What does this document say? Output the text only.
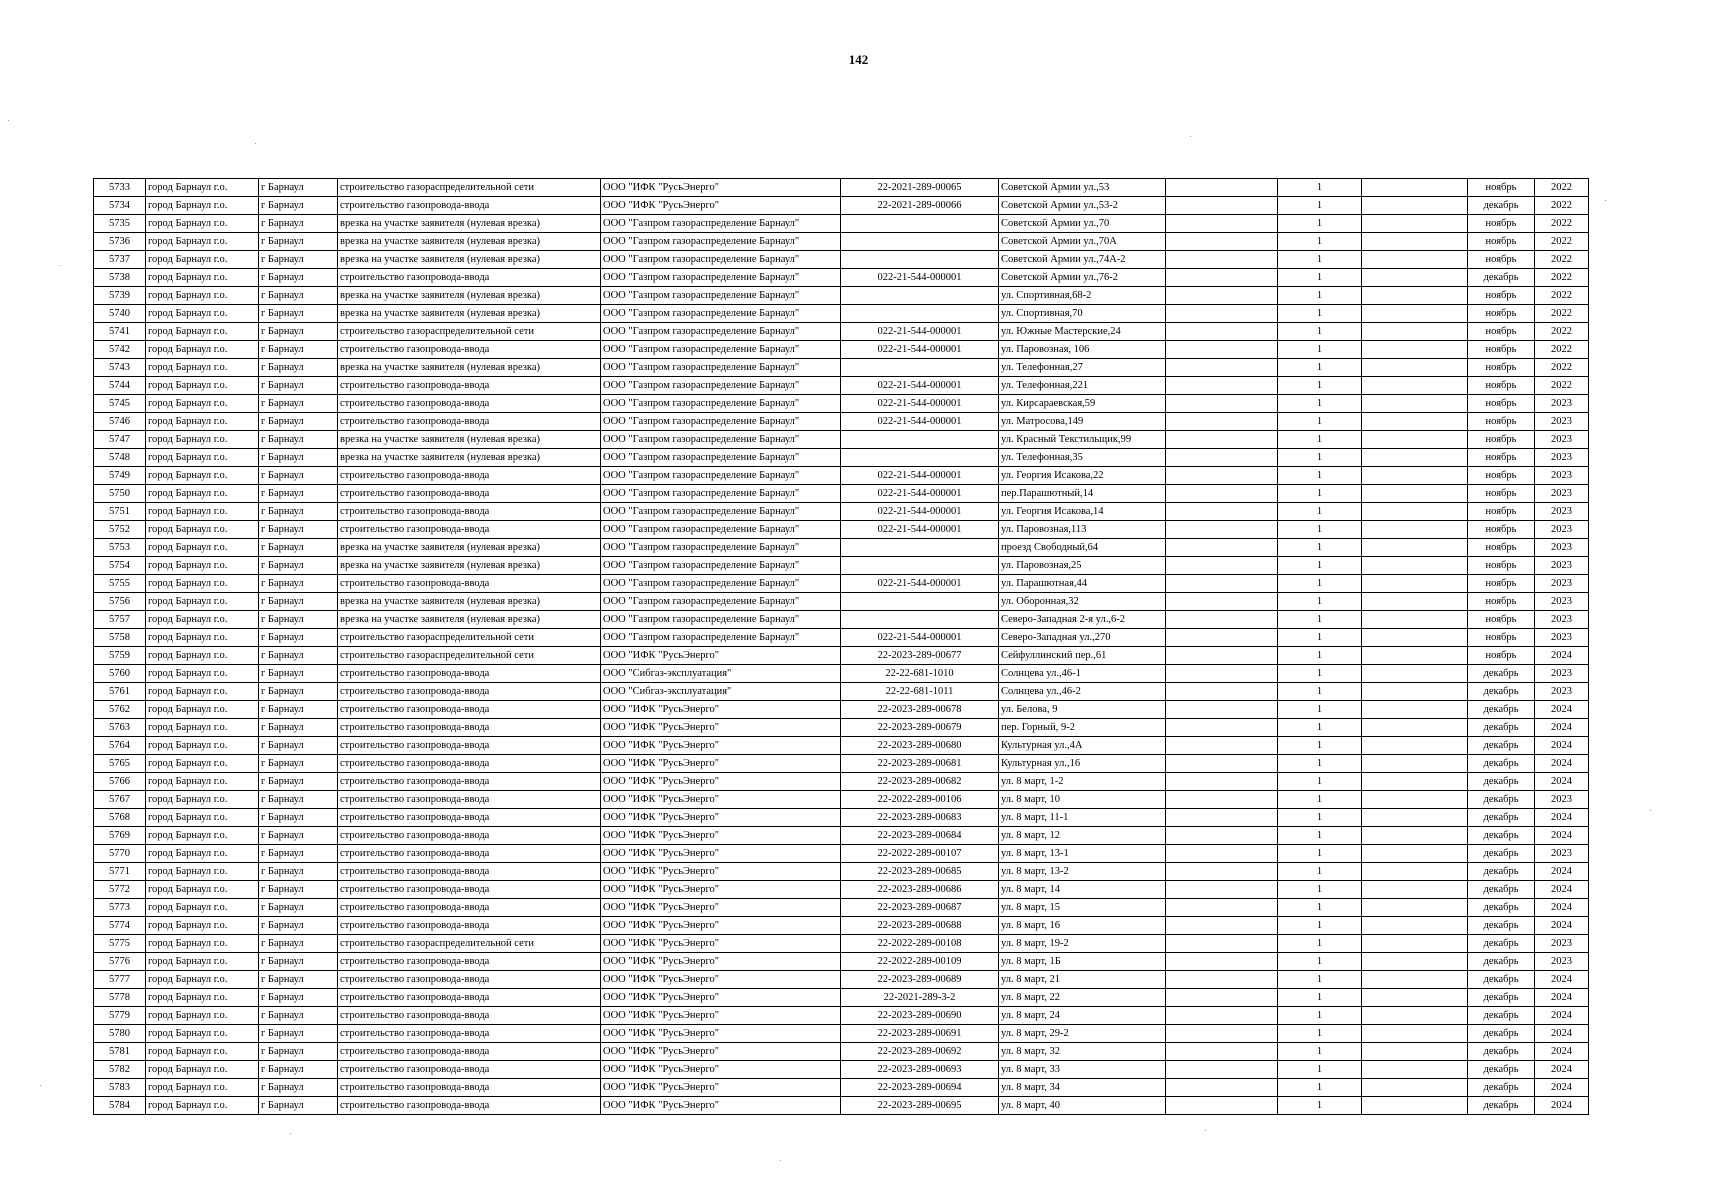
142
5733	город Барнаул г.о.	г Барнаул	строительство газораспределительной сети	ООО "ИФК "РусьЭнерго"	22-2021-289-00065	Советской Армии ул.,53		1		ноябрь	2022
5734	город Барнаул г.о.	г Барнаул	строительство газопровода-ввода	ООО "ИФК "РусьЭнерго"	22-2021-289-00066	Советской Армии ул.,53-2		1		декабрь	2022
5735	город Барнаул г.о.	г Барнаул	врезка на участке заявителя (нулевая врезка)	ООО "Газпром газораспределение Барнаул"		Советской Армии ул.,70		1		ноябрь	2022
5736	город Барнаул г.о.	г Барнаул	врезка на участке заявителя (нулевая врезка)	ООО "Газпром газораспределение Барнаул"		Советской Армии ул.,70А		1		ноябрь	2022
5737	город Барнаул г.о.	г Барнаул	врезка на участке заявителя (нулевая врезка)	ООО "Газпром газораспределение Барнаул"		Советской Армии ул.,74А-2		1		ноябрь	2022
5738	город Барнаул г.о.	г Барнаул	строительство газопровода-ввода	ООО "Газпром газораспределение Барнаул"	022-21-544-000001	Советской Армии ул.,76-2		1		декабрь	2022
5739	город Барнаул г.о.	г Барнаул	врезка на участке заявителя (нулевая врезка)	ООО "Газпром газораспределение Барнаул"		ул. Спортивная,68-2		1		ноябрь	2022
5740	город Барнаул г.о.	г Барнаул	врезка на участке заявителя (нулевая врезка)	ООО "Газпром газораспределение Барнаул"		ул. Спортивная,70		1		ноябрь	2022
5741	город Барнаул г.о.	г Барнаул	строительство газораспределительной сети	ООО "Газпром газораспределение Барнаул"	022-21-544-000001	ул. Южные Мастерские,24		1		ноябрь	2022
5742	город Барнаул г.о.	г Барнаул	строительство газопровода-ввода	ООО "Газпром газораспределение Барнаул"	022-21-544-000001	ул. Паровозная, 106		1		ноябрь	2022
5743	город Барнаул г.о.	г Барнаул	врезка на участке заявителя (нулевая врезка)	ООО "Газпром газораспределение Барнаул"		ул. Телефонная,27		1		ноябрь	2022
5744	город Барнаул г.о.	г Барнаул	строительство газопровода-ввода	ООО "Газпром газораспределение Барнаул"	022-21-544-000001	ул. Телефонная,221		1		ноябрь	2022
5745	город Барнаул г.о.	г Барнаул	строительство газопровода-ввода	ООО "Газпром газораспределение Барнаул"	022-21-544-000001	ул. Кирсараевская,59		1		ноябрь	2023
5746	город Барнаул г.о.	г Барнаул	строительство газопровода-ввода	ООО "Газпром газораспределение Барнаул"	022-21-544-000001	ул. Матросова,149		1		ноябрь	2023
5747	город Барнаул г.о.	г Барнаул	врезка на участке заявителя (нулевая врезка)	ООО "Газпром газораспределение Барнаул"		ул. Красный Текстильщик,99		1		ноябрь	2023
5748	город Барнаул г.о.	г Барнаул	врезка на участке заявителя (нулевая врезка)	ООО "Газпром газораспределение Барнаул"		ул. Телефонная,35		1		ноябрь	2023
5749	город Барнаул г.о.	г Барнаул	строительство газопровода-ввода	ООО "Газпром газораспределение Барнаул"	022-21-544-000001	ул. Георгия Исакова,22		1		ноябрь	2023
5750	город Барнаул г.о.	г Барнаул	строительство газопровода-ввода	ООО "Газпром газораспределение Барнаул"	022-21-544-000001	пер.Парашютный,14		1		ноябрь	2023
5751	город Барнаул г.о.	г Барнаул	строительство газопровода-ввода	ООО "Газпром газораспределение Барнаул"	022-21-544-000001	ул. Георгия Исакова,14		1		ноябрь	2023
5752	город Барнаул г.о.	г Барнаул	строительство газопровода-ввода	ООО "Газпром газораспределение Барнаул"	022-21-544-000001	ул. Паровозная,113		1		ноябрь	2023
5753	город Барнаул г.о.	г Барнаул	врезка на участке заявителя (нулевая врезка)	ООО "Газпром газораспределение Барнаул"		проезд Свободный,64		1		ноябрь	2023
5754	город Барнаул г.о.	г Барнаул	врезка на участке заявителя (нулевая врезка)	ООО "Газпром газораспределение Барнаул"		ул. Паровозная,25		1		ноябрь	2023
5755	город Барнаул г.о.	г Барнаул	строительство газопровода-ввода	ООО "Газпром газораспределение Барнаул"	022-21-544-000001	ул. Парашютная,44		1		ноябрь	2023
5756	город Барнаул г.о.	г Барнаул	врезка на участке заявителя (нулевая врезка)	ООО "Газпром газораспределение Барнаул"		ул. Оборонная,32		1		ноябрь	2023
5757	город Барнаул г.о.	г Барнаул	врезка на участке заявителя (нулевая врезка)	ООО "Газпром газораспределение Барнаул"		Северо-Западная 2-я ул.,6-2		1		ноябрь	2023
5758	город Барнаул г.о.	г Барнаул	строительство газораспределительной сети	ООО "Газпром газораспределение Барнаул"	022-21-544-000001	Северо-Западная ул.,270		1		ноябрь	2023
5759	город Барнаул г.о.	г Барнаул	строительство газораспределительной сети	ООО "ИФК "РусьЭнерго"	22-2023-289-00677	Сейфуллинский пер.,61		1		ноябрь	2024
5760	город Барнаул г.о.	г Барнаул	строительство газопровода-ввода	ООО "Сибгаз-эксплуатация"	22-22-681-1010	Солнцева ул.,46-1		1		декабрь	2023
5761	город Барнаул г.о.	г Барнаул	строительство газопровода-ввода	ООО "Сибгаз-эксплуатация"	22-22-681-1011	Солнцева ул.,46-2		1		декабрь	2023
5762	город Барнаул г.о.	г Барнаул	строительство газопровода-ввода	ООО "ИФК "РусьЭнерго"	22-2023-289-00678	ул. Белова, 9		1		декабрь	2024
5763	город Барнаул г.о.	г Барнаул	строительство газопровода-ввода	ООО "ИФК "РусьЭнерго"	22-2023-289-00679	пер. Горный, 9-2		1		декабрь	2024
5764	город Барнаул г.о.	г Барнаул	строительство газопровода-ввода	ООО "ИФК "РусьЭнерго"	22-2023-289-00680	Культурная ул.,4А		1		декабрь	2024
5765	город Барнаул г.о.	г Барнаул	строительство газопровода-ввода	ООО "ИФК "РусьЭнерго"	22-2023-289-00681	Культурная ул.,16		1		декабрь	2024
5766	город Барнаул г.о.	г Барнаул	строительство газопровода-ввода	ООО "ИФК "РусьЭнерго"	22-2023-289-00682	ул. 8 март, 1-2		1		декабрь	2024
5767	город Барнаул г.о.	г Барнаул	строительство газопровода-ввода	ООО "ИФК "РусьЭнерго"	22-2022-289-00106	ул. 8 март, 10		1		декабрь	2023
5768	город Барнаул г.о.	г Барнаул	строительство газопровода-ввода	ООО "ИФК "РусьЭнерго"	22-2023-289-00683	ул. 8 март, 11-1		1		декабрь	2024
5769	город Барнаул г.о.	г Барнаул	строительство газопровода-ввода	ООО "ИФК "РусьЭнерго"	22-2023-289-00684	ул. 8 март, 12		1		декабрь	2024
5770	город Барнаул г.о.	г Барнаул	строительство газопровода-ввода	ООО "ИФК "РусьЭнерго"	22-2022-289-00107	ул. 8 март, 13-1		1		декабрь	2023
5771	город Барнаул г.о.	г Барнаул	строительство газопровода-ввода	ООО "ИФК "РусьЭнерго"	22-2023-289-00685	ул. 8 март, 13-2		1		декабрь	2024
5772	город Барнаул г.о.	г Барнаул	строительство газопровода-ввода	ООО "ИФК "РусьЭнерго"	22-2023-289-00686	ул. 8 март, 14		1		декабрь	2024
5773	город Барнаул г.о.	г Барнаул	строительство газопровода-ввода	ООО "ИФК "РусьЭнерго"	22-2023-289-00687	ул. 8 март, 15		1		декабрь	2024
5774	город Барнаул г.о.	г Барнаул	строительство газопровода-ввода	ООО "ИФК "РусьЭнерго"	22-2023-289-00688	ул. 8 март, 16		1		декабрь	2024
5775	город Барнаул г.о.	г Барнаул	строительство газораспределительной сети	ООО "ИФК "РусьЭнерго"	22-2022-289-00108	ул. 8 март, 19-2		1		декабрь	2023
5776	город Барнаул г.о.	г Барнаул	строительство газопровода-ввода	ООО "ИФК "РусьЭнерго"	22-2022-289-00109	ул. 8 март, 1Б		1		декабрь	2023
5777	город Барнаул г.о.	г Барнаул	строительство газопровода-ввода	ООО "ИФК "РусьЭнерго"	22-2023-289-00689	ул. 8 март, 21		1		декабрь	2024
5778	город Барнаул г.о.	г Барнаул	строительство газопровода-ввода	ООО "ИФК "РусьЭнерго"	22-2021-289-3-2	ул. 8 март, 22		1		декабрь	2024
5779	город Барнаул г.о.	г Барнаул	строительство газопровода-ввода	ООО "ИФК "РусьЭнерго"	22-2023-289-00690	ул. 8 март, 24		1		декабрь	2024
5780	город Барнаул г.о.	г Барнаул	строительство газопровода-ввода	ООО "ИФК "РусьЭнерго"	22-2023-289-00691	ул. 8 март, 29-2		1		декабрь	2024
5781	город Барнаул г.о.	г Барнаул	строительство газопровода-ввода	ООО "ИФК "РусьЭнерго"	22-2023-289-00692	ул. 8 март, 32		1		декабрь	2024
5782	город Барнаул г.о.	г Барнаул	строительство газопровода-ввода	ООО "ИФК "РусьЭнерго"	22-2023-289-00693	ул. 8 март, 33		1		декабрь	2024
5783	город Барнаул г.о.	г Барнаул	строительство газопровода-ввода	ООО "ИФК "РусьЭнерго"	22-2023-289-00694	ул. 8 март, 34		1		декабрь	2024
5784	город Барнаул г.о.	г Барнаул	строительство газопровода-ввода	ООО "ИФК "РусьЭнерго"	22-2023-289-00695	ул. 8 март, 40		1		декабрь	2024
